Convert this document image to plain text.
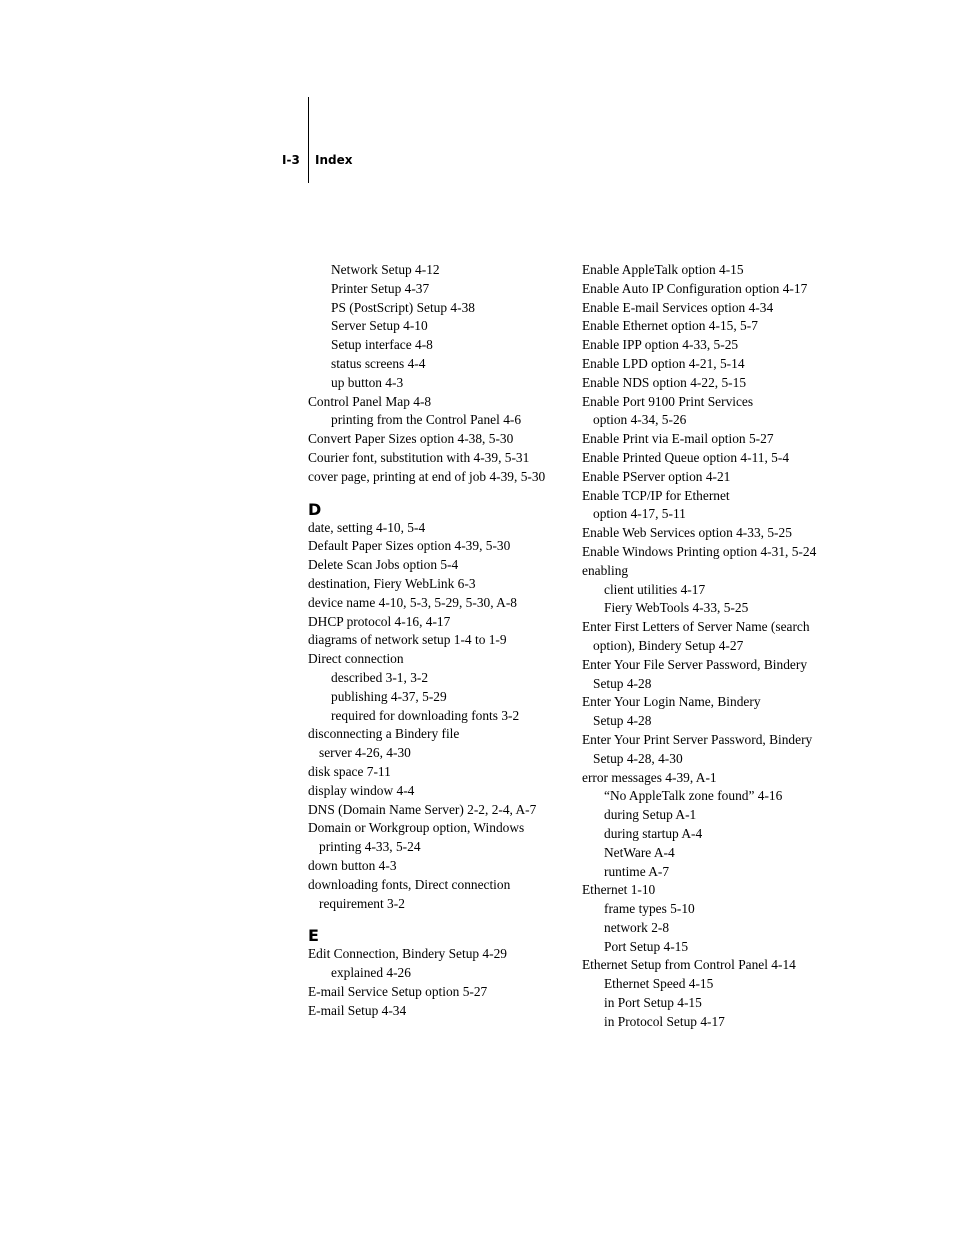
I-3 Index
Network Setup 4-12
Printer Setup 4-37
PS (PostScript) Setup 4-38
Server Setup 4-10
Setup interface 4-8
status screens 4-4
up button 4-3
Control Panel Map 4-8
printing from the Control Panel 4-6
Convert Paper Sizes option 4-38, 5-30
Courier font, substitution with 4-39, 5-31
cover page, printing at end of job 4-39, 5-30
D
date, setting 4-10, 5-4
Default Paper Sizes option 4-39, 5-30
Delete Scan Jobs option 5-4
destination, Fiery WebLink 6-3
device name 4-10, 5-3, 5-29, 5-30, A-8
DHCP protocol 4-16, 4-17
diagrams of network setup 1-4 to 1-9
Direct connection
described 3-1, 3-2
publishing 4-37, 5-29
required for downloading fonts 3-2
disconnecting a Bindery file
server 4-26, 4-30
disk space 7-11
display window 4-4
DNS (Domain Name Server) 2-2, 2-4, A-7
Domain or Workgroup option, Windows
printing 4-33, 5-24
down button 4-3
downloading fonts, Direct connection
requirement 3-2
E
Edit Connection, Bindery Setup 4-29
explained 4-26
E-mail Service Setup option 5-27
E-mail Setup 4-34
Enable AppleTalk option 4-15
Enable Auto IP Configuration option 4-17
Enable E-mail Services option 4-34
Enable Ethernet option 4-15, 5-7
Enable IPP option 4-33, 5-25
Enable LPD option 4-21, 5-14
Enable NDS option 4-22, 5-15
Enable Port 9100 Print Services
option 4-34, 5-26
Enable Print via E-mail option 5-27
Enable Printed Queue option 4-11, 5-4
Enable PServer option 4-21
Enable TCP/IP for Ethernet
option 4-17, 5-11
Enable Web Services option 4-33, 5-25
Enable Windows Printing option 4-31, 5-24
enabling
client utilities 4-17
Fiery WebTools 4-33, 5-25
Enter First Letters of Server Name (search
option), Bindery Setup 4-27
Enter Your File Server Password, Bindery
Setup 4-28
Enter Your Login Name, Bindery
Setup 4-28
Enter Your Print Server Password, Bindery
Setup 4-28, 4-30
error messages 4-39, A-1
“No AppleTalk zone found” 4-16
during Setup A-1
during startup A-4
NetWare A-4
runtime A-7
Ethernet 1-10
frame types 5-10
network 2-8
Port Setup 4-15
Ethernet Setup from Control Panel 4-14
Ethernet Speed 4-15
in Port Setup 4-15
in Protocol Setup 4-17
